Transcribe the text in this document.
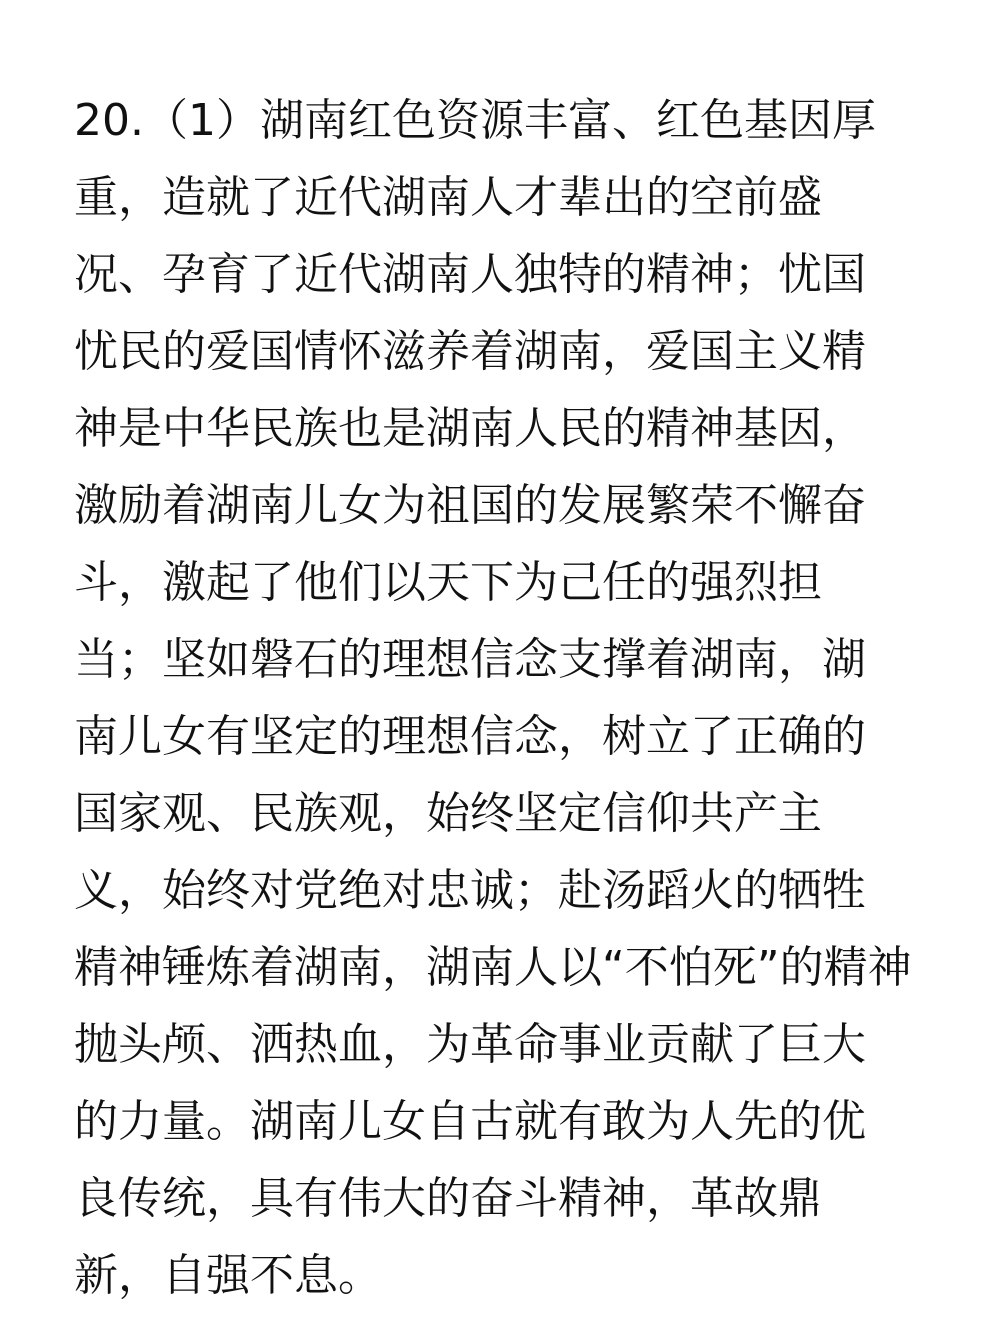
20.（1）湖南红色资源丰富、红色基因厚
重，造就了近代湖南人才辈出的空前盛
况、孕育了近代湖南人独特的精神；忧国
忧民的爱国情怀滋养着湖南，爱国主义精
神是中华民族也是湖南人民的精神基因，
激励着湖南儿女为祖国的发展繁荣不懈奋
斗，激起了他们以天下为己任的强烈担
当；坚如磐石的理想信念支撑着湖南，湖
南儿女有坚定的理想信念，树立了正确的
国家观、民族观，始终坚定信仰共产主
义，始终对党绝对忠诚；赴汤蹈火的牺牲
精神锤炼着湖南，湖南人以“不怕死”的精神
抛头颅、洒热血，为革命事业贡献了巨大
的力量。湖南儿女自古就有敢为人先的优
良传统，具有伟大的奋斗精神，革故鼎
新，自强不息。
